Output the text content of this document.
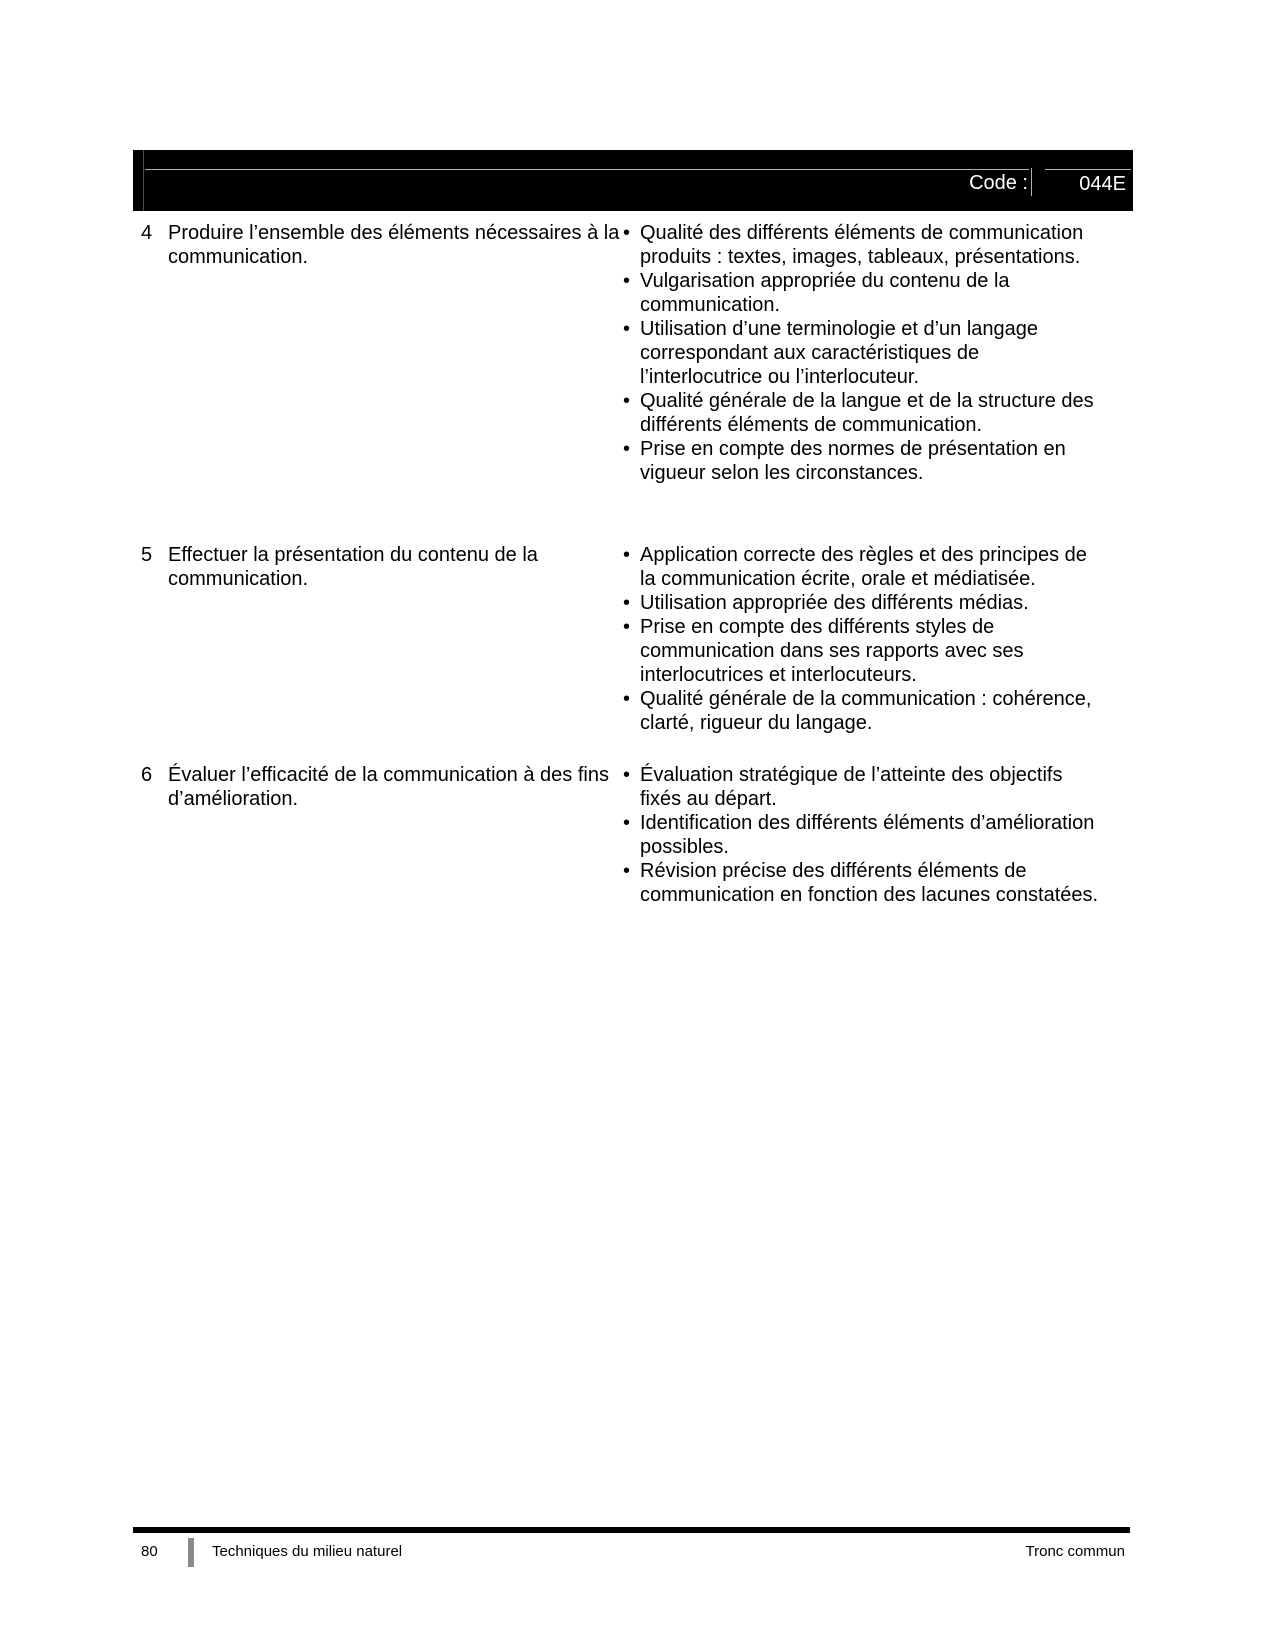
Code :	044E
4 Produire l’ensemble des éléments nécessaires à la communication.
• Qualité des différents éléments de communication produits : textes, images, tableaux, présentations.
• Vulgarisation appropriée du contenu de la communication.
• Utilisation d’une terminologie et d’un langage correspondant aux caractéristiques de l’interlocutrice ou l’interlocuteur.
• Qualité générale de la langue et de la structure des différents éléments de communication.
• Prise en compte des normes de présentation en vigueur selon les circonstances.
5 Effectuer la présentation du contenu de la communication.
• Application correcte des règles et des principes de la communication écrite, orale et médiatisée.
• Utilisation appropriée des différents médias.
• Prise en compte des différents styles de communication dans ses rapports avec ses interlocutrices et interlocuteurs.
• Qualité générale de la communication : cohérence, clarté, rigueur du langage.
6 Évaluer l’efficacité de la communication à des fins d’amélioration.
• Évaluation stratégique de l’atteinte des objectifs fixés au départ.
• Identification des différents éléments d’amélioration possibles.
• Révision précise des différents éléments de communication en fonction des lacunes constatées.
80	Techniques du milieu naturel	Tronc commun
